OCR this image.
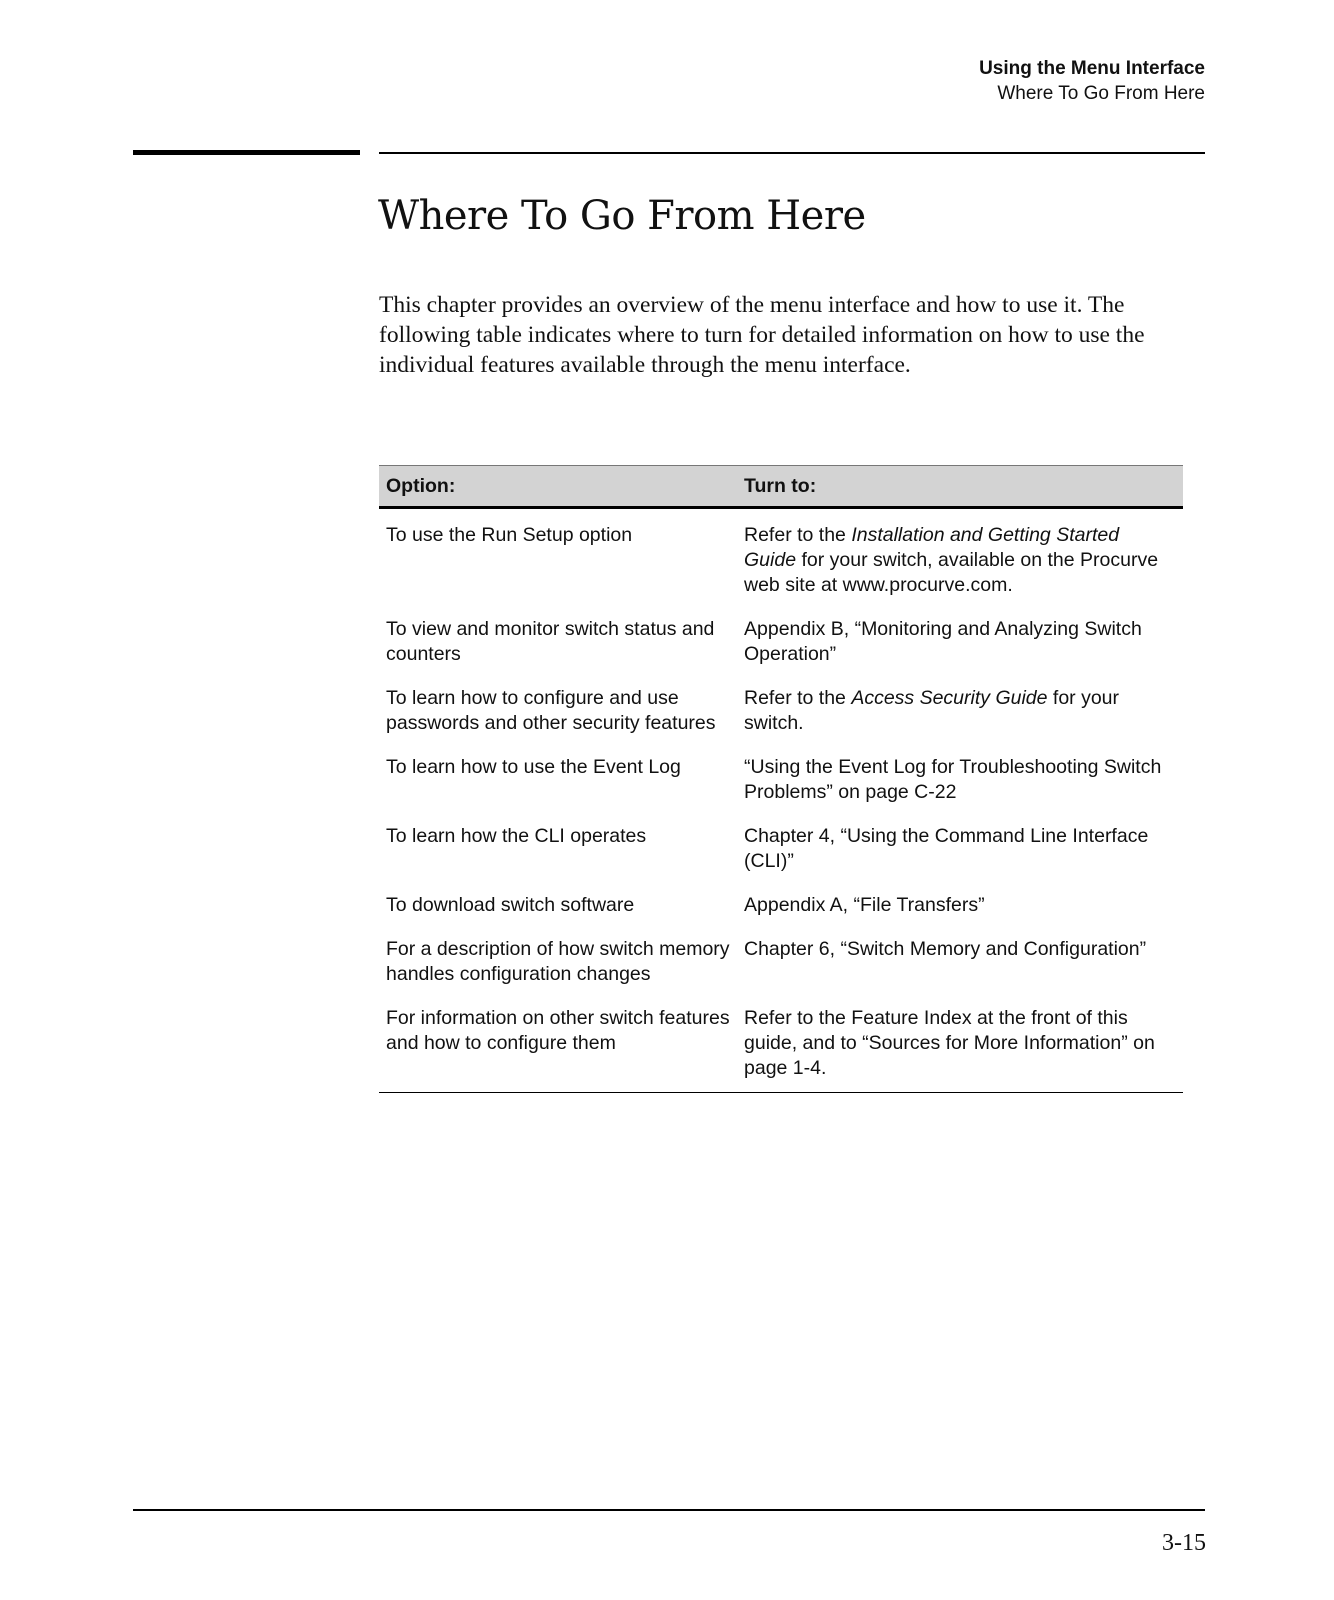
Using the Menu Interface
Where To Go From Here
Where To Go From Here

This chapter provides an overview of the menu interface and how to use it. The following table indicates where to turn for detailed information on how to use the individual features available through the menu interface.

Option:	Turn to:
To use the Run Setup option	Refer to the Installation and Getting Started Guide for your switch, available on the Procurve web site at www.procurve.com.
To view and monitor switch status and counters	Appendix B, “Monitoring and Analyzing Switch Operation”
To learn how to configure and use passwords and other security features	Refer to the Access Security Guide for your switch.
To learn how to use the Event Log	“Using the Event Log for Troubleshooting Switch Problems” on page C-22
To learn how the CLI operates	Chapter 4, “Using the Command Line Interface (CLI)”
To download switch software	Appendix A, “File Transfers”
For a description of how switch memory handles configuration changes	Chapter 6, “Switch Memory and Configuration”
For information on other switch features and how to configure them	Refer to the Feature Index at the front of this guide, and to “Sources for More Information” on page 1-4.
3-15
